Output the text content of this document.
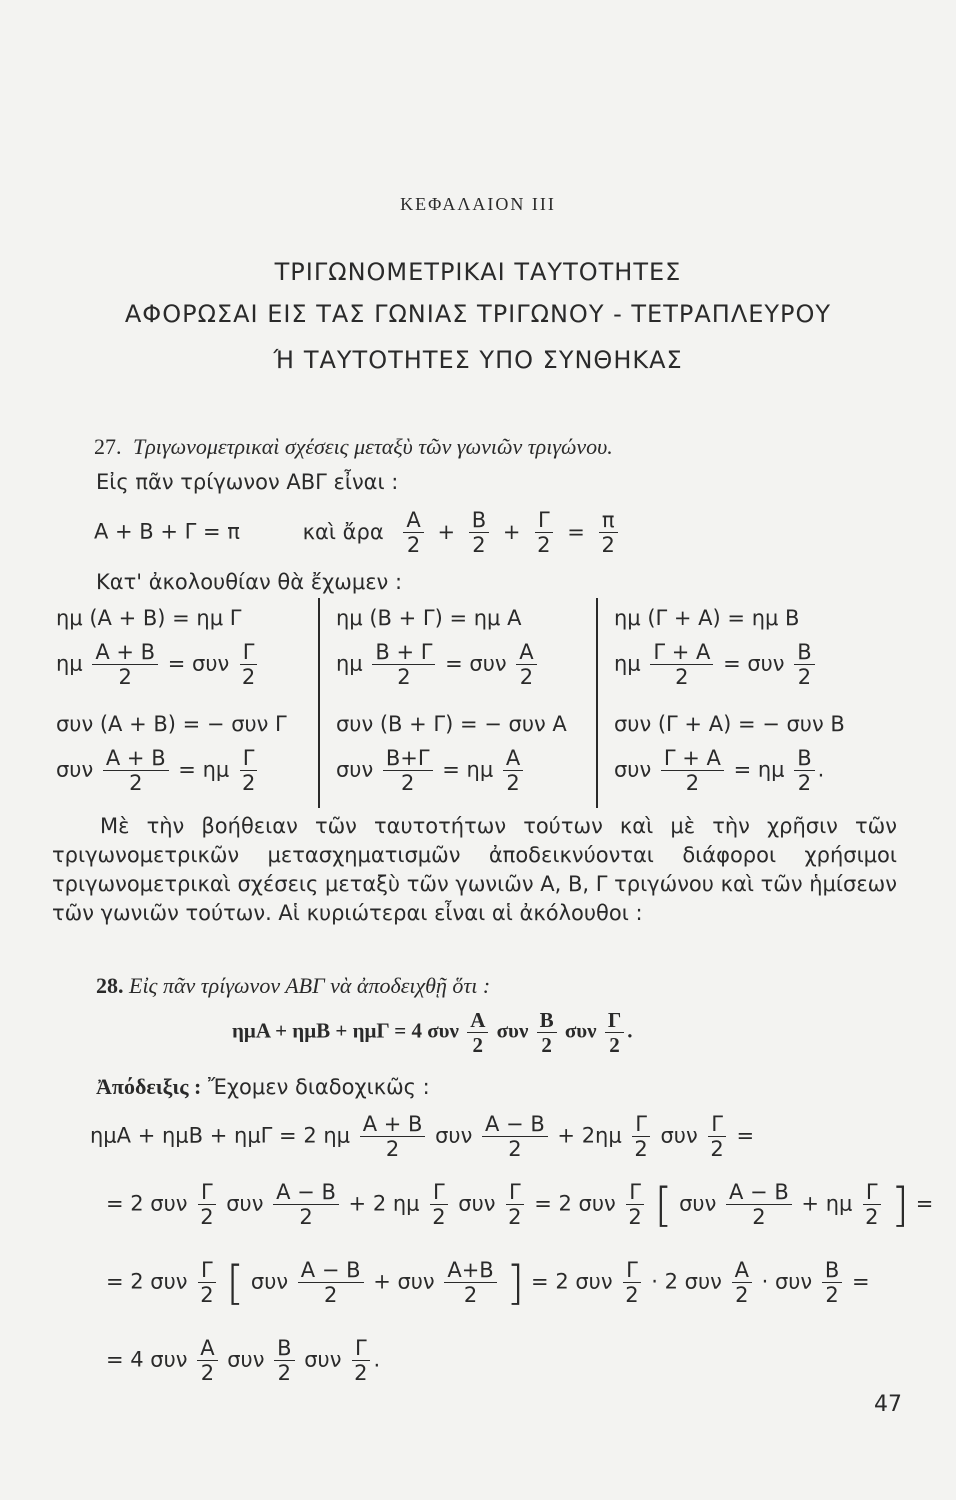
ΚΕΦΑΛΑΙΟΝ III
ΤΡΙΓΩΝΟΜΕΤΡΙΚΑΙ ΤΑΥΤΟΤΗΤΕΣ
ΑΦΟΡΩΣΑΙ ΕΙΣ ΤΑΣ ΓΩΝΙΑΣ ΤΡΙΓΩΝΟΥ - ΤΕΤΡΑΠΛΕΥΡΟΥ
Ή ΤΑΥΤΟΤΗΤΕΣ ΥΠΟ ΣΥΝΘΗΚΑΣ
27. Τριγωνομετρικαὶ σχέσεις μεταξὺ τῶν γωνιῶν τριγώνου.
Εἰς πᾶν τρίγωνον ΑΒΓ εἶναι :
Α + Β + Γ = π	καὶ ἄρα $\frac{A}{2} + \frac{B}{2} + \frac{\Gamma}{2} = \frac{\pi}{2}$
Κατ' ἀκολουθίαν θὰ ἔχωμεν :
ημ (Α + Β) = ημ Γ
ημ $\frac{A + B}{2} = \sigma\upsilon\nu \frac{\Gamma}{2}$
συν (Α + Β) = − συν Γ
συν $\frac{A + B}{2} = \eta\mu \frac{\Gamma}{2}$
ημ (Β + Γ) = ημ Α
ημ $\frac{B + \Gamma}{2} = \sigma\upsilon\nu \frac{A}{2}$
συν (Β + Γ) = − συν Α
συν $\frac{B+\Gamma}{2} = \eta\mu \frac{A}{2}$
ημ (Γ + Α) = ημ Β
ημ $\frac{\Gamma + A}{2} = \sigma\upsilon\nu \frac{B}{2}$
συν (Γ + Α) = − συν Β
συν $\frac{\Gamma + A}{2} = \eta\mu \frac{B}{2}$ .

Μὲ τὴν βοήθειαν τῶν ταυτοτήτων τούτων καὶ μὲ τὴν χρῆσιν τῶν τριγωνομετρικῶν μετασχηματισμῶν ἀποδεικνύονται διάφοροι χρήσιμοι τριγωνομετρικαὶ σχέσεις μεταξὺ τῶν γωνιῶν Α, Β, Γ τριγώνου καὶ τῶν ἡμίσεων τῶν γωνιῶν τούτων. Αἱ κυριώτεραι εἶναι αἱ ἀκόλουθοι :

28. Εἰς πᾶν τρίγωνον ΑΒΓ νὰ ἀποδειχθῇ ὅτι :
ημΑ + ημΒ + ημΓ = 4 συν $\frac{A}{2}$ συν $\frac{B}{2}$ συν $\frac{\Gamma}{2}$ .
Ἀπόδειξις : Ἔχομεν διαδοχικῶς :
ημΑ + ημΒ + ημΓ = 2 ημ $\frac{A + B}{2}$ συν $\frac{A - B}{2} + 2\eta\mu \frac{\Gamma}{2}$ συν $\frac{\Gamma}{2}$ =
= 2 συν $\frac{\Gamma}{2}$ συν $\frac{A - B}{2} + 2$ ημ $\frac{\Gamma}{2}$ συν $\frac{\Gamma}{2} = 2$ συν $\frac{\Gamma}{2}$ [ συν $\frac{A - B}{2} + \eta\mu \frac{\Gamma}{2}$ ] =
= 2 συν $\frac{\Gamma}{2}$ [ συν $\frac{A - B}{2} + \sigma\upsilon\nu \frac{A+B}{2}$ ] = 2 συν $\frac{\Gamma}{2} \cdot 2$ συν $\frac{A}{2} \cdot \sigma\upsilon\nu \frac{B}{2}$ =
= 4 συν $\frac{A}{2}$ συν $\frac{B}{2}$ συν $\frac{\Gamma}{2}$ .
47
